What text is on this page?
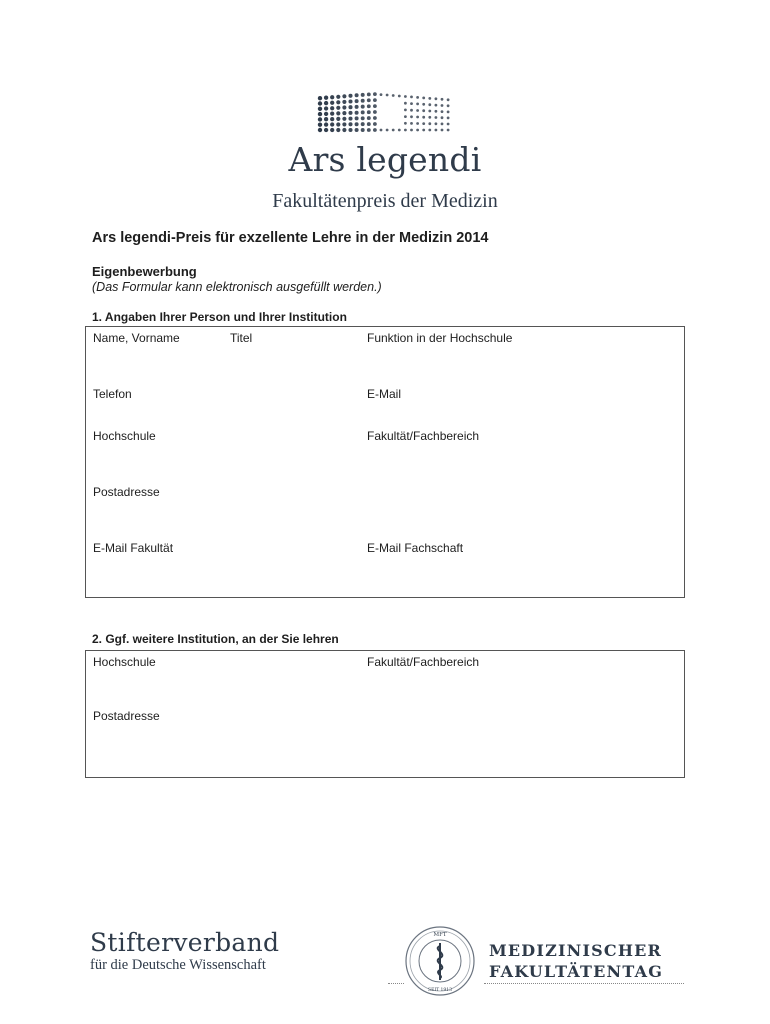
Ars legendi
Fakultätenpreis der Medizin
Ars legendi-Preis für exzellente Lehre in der Medizin 2014
Eigenbewerbung
(Das Formular kann elektronisch ausgefüllt werden.)
1. Angaben Ihrer Person und Ihrer Institution
Name, Vorname	Titel	Funktion in der Hochschule
Telefon	E-Mail
Hochschule	Fakultät/Fachbereich
Postadresse
E-Mail Fakultät	E-Mail Fachschaft
2. Ggf. weitere Institution, an der Sie lehren
Hochschule	Fakultät/Fachbereich
Postadresse
Stifterverband
für die Deutsche Wissenschaft
MFT
SEIT 1913
MEDIZINISCHER
FAKULTÄTENTAG
